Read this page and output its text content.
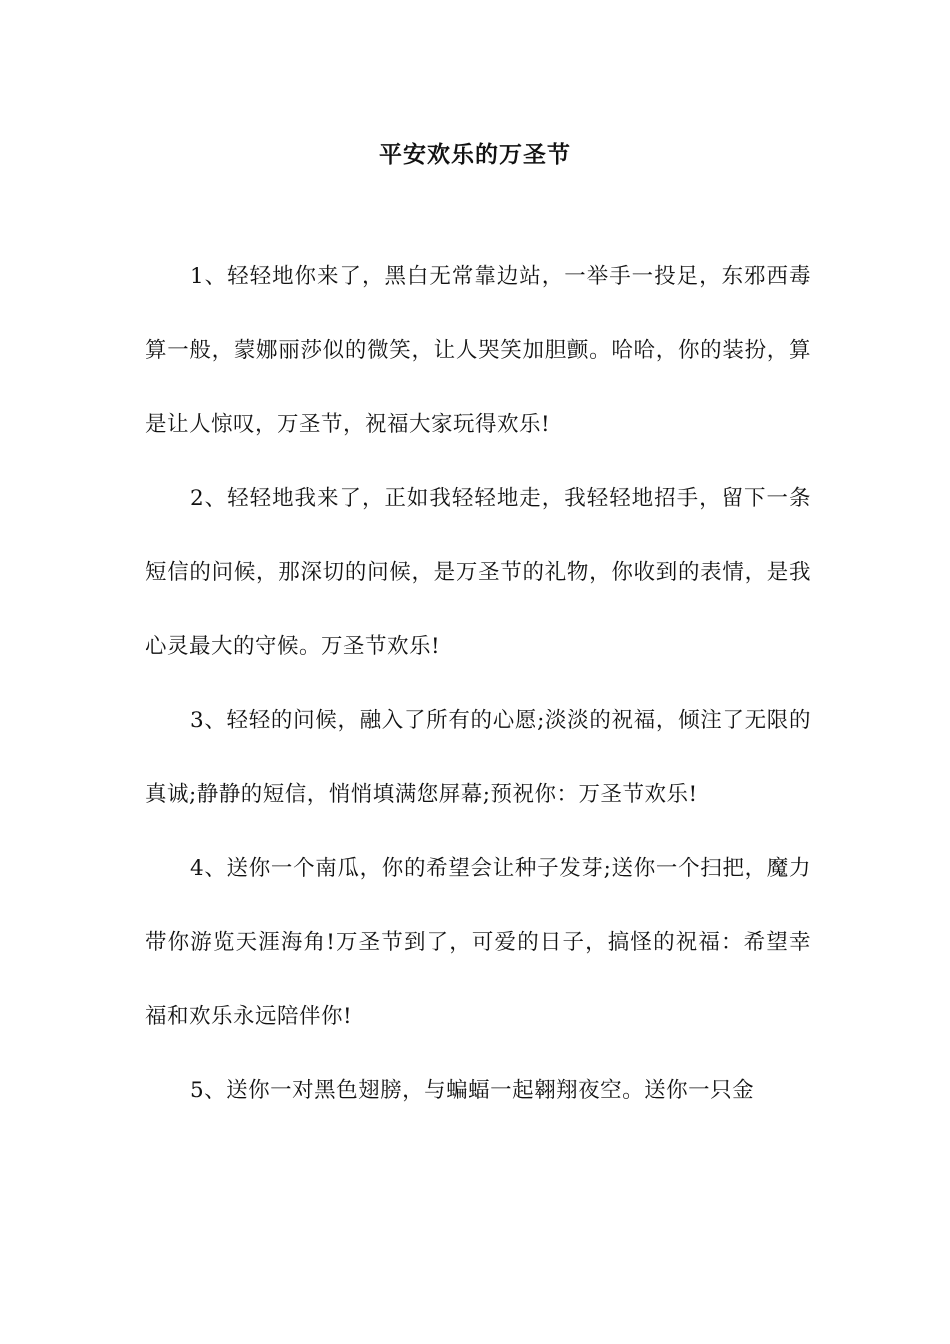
平安欢乐的万圣节

1、轻轻地你来了，黑白无常靠边站，一举手一投足，东邪西毒算一般，蒙娜丽莎似的微笑，让人哭笑加胆颤。哈哈，你的装扮，算是让人惊叹，万圣节，祝福大家玩得欢乐!

2、轻轻地我来了，正如我轻轻地走，我轻轻地招手，留下一条短信的问候，那深切的问候，是万圣节的礼物，你收到的表情，是我心灵最大的守候。万圣节欢乐!

3、轻轻的问候，融入了所有的心愿;淡淡的祝福，倾注了无限的真诚;静静的短信，悄悄填满您屏幕;预祝你：万圣节欢乐!

4、送你一个南瓜，你的希望会让种子发芽;送你一个扫把，魔力带你游览天涯海角!万圣节到了，可爱的日子，搞怪的祝福：希望幸福和欢乐永远陪伴你!

5、送你一对黑色翅膀，与蝙蝠一起翱翔夜空。送你一只金
